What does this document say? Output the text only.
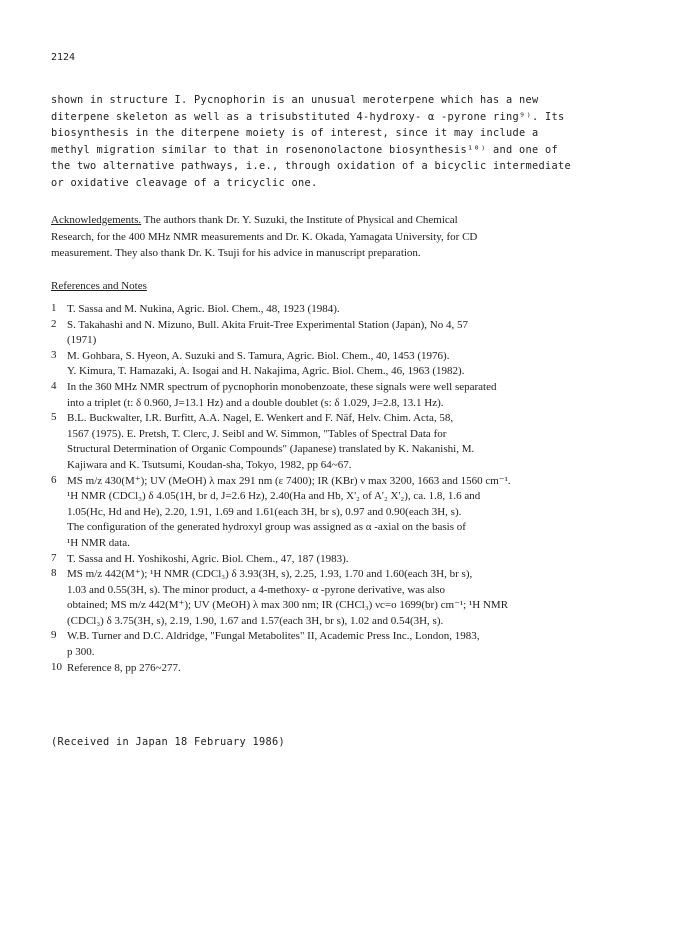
2124
shown in structure I. Pycnophorin is an unusual meroterpene which has a new
diterpene skeleton as well as a trisubstituted 4-hydroxy- α -pyrone ring⁹⁾. Its
biosynthesis in the diterpene moiety is of interest, since it may include a
methyl migration similar to that in rosenonolactone biosynthesis¹⁰⁾ and one of
the two alternative pathways, i.e., through oxidation of a bicyclic intermediate
or oxidative cleavage of a tricyclic one.
Acknowledgements. The authors thank Dr. Y. Suzuki, the Institute of Physical and Chemical
Research, for the 400 MHz NMR measurements and Dr. K. Okada, Yamagata University, for CD
measurement. They also thank Dr. K. Tsuji for his advice in manuscript preparation.
References and Notes
1 T. Sassa and M. Nukina, Agric. Biol. Chem., 48, 1923 (1984).
2 S. Takahashi and N. Mizuno, Bull. Akita Fruit-Tree Experimental Station (Japan), No 4, 57
(1971)
3 M. Gohbara, S. Hyeon, A. Suzuki and S. Tamura, Agric. Biol. Chem., 40, 1453 (1976).
Y. Kimura, T. Hamazaki, A. Isogai and H. Nakajima, Agric. Biol. Chem., 46, 1963 (1982).
4 In the 360 MHz NMR spectrum of pycnophorin monobenzoate, these signals were well separated
into a triplet (t: δ 0.960, J=13.1 Hz) and a double doublet (s: δ 1.029, J=2.8, 13.1 Hz).
5 B.L. Buckwalter, I.R. Burfitt, A.A. Nagel, E. Wenkert and F. Näf, Helv. Chim. Acta, 58,
1567 (1975). E. Pretsh, T. Clerc, J. Seibl and W. Simmon, "Tables of Spectral Data for
Structural Determination of Organic Compounds" (Japanese) translated by K. Nakanishi, M.
Kajiwara and K. Tsutsumi, Koudan-sha, Tokyo, 1982, pp 64~67.
6 MS m/z 430(M⁺); UV (MeOH) λ max 291 nm (ε 7400); IR (KBr) ν max 3200, 1663 and 1560 cm⁻¹.
¹H NMR (CDCl₃) δ 4.05(1H, br d, J=2.6 Hz), 2.40(Ha and Hb, X'₂ of A'₂ X'₂), ca. 1.8, 1.6 and
1.05(Hc, Hd and He), 2.20, 1.91, 1.69 and 1.61(each 3H, br s), 0.97 and 0.90(each 3H, s).
The configuration of the generated hydroxyl group was assigned as α -axial on the basis of
¹H NMR data.
7 T. Sassa and H. Yoshikoshi, Agric. Biol. Chem., 47, 187 (1983).
8 MS m/z 442(M⁺); ¹H NMR (CDCl₃) δ 3.93(3H, s), 2.25, 1.93, 1.70 and 1.60(each 3H, br s),
1.03 and 0.55(3H, s). The minor product, a 4-methoxy- α -pyrone derivative, was also
obtained; MS m/z 442(M⁺); UV (MeOH) λ max 300 nm; IR (CHCl₃) νc=o 1699(br) cm⁻¹; ¹H NMR
(CDCl₃) δ 3.75(3H, s), 2.19, 1.90, 1.67 and 1.57(each 3H, br s), 1.02 and 0.54(3H, s).
9 W.B. Turner and D.C. Aldridge, "Fungal Metabolites" II, Academic Press Inc., London, 1983,
p 300.
10 Reference 8, pp 276~277.
(Received in Japan 18 February 1986)
